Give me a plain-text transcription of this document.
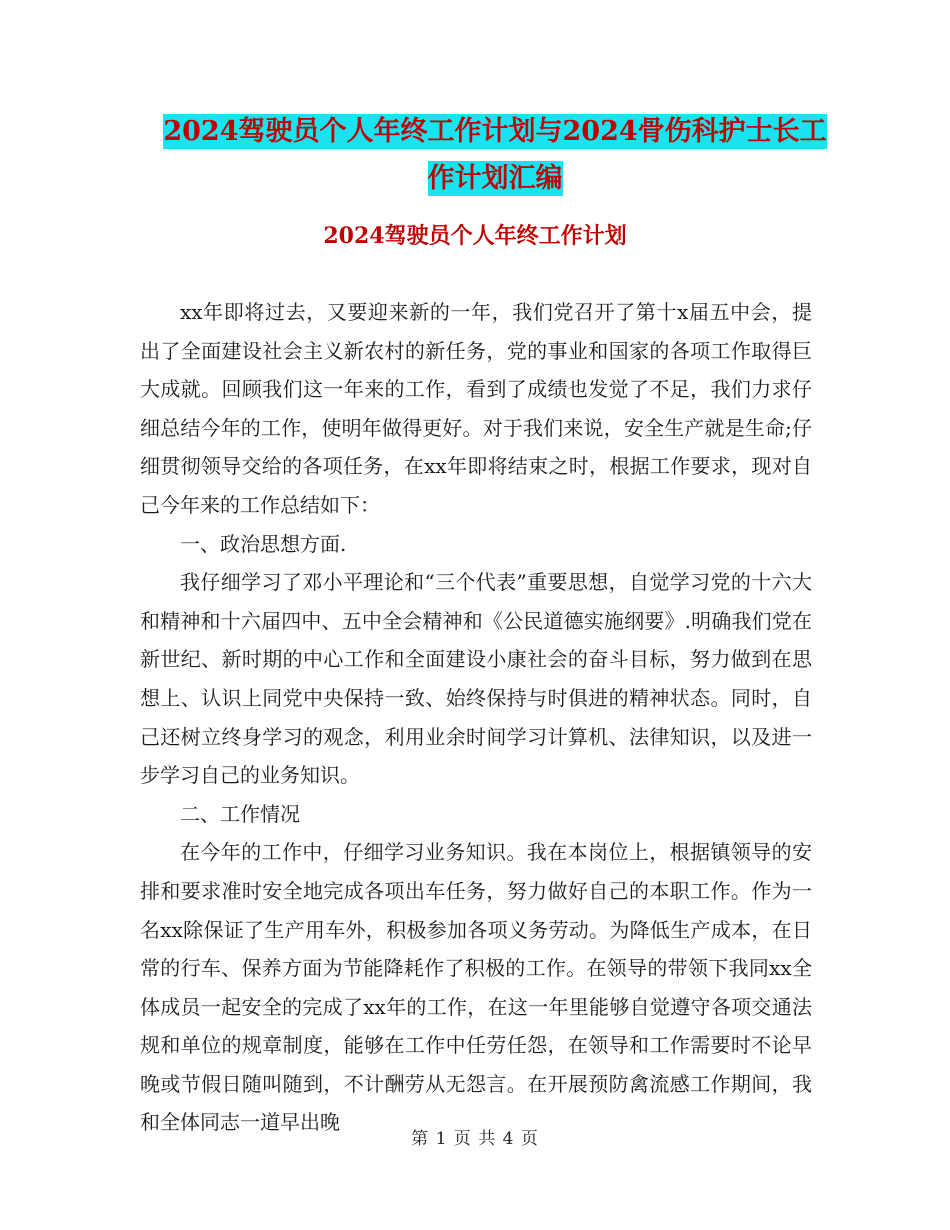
2024驾驶员个人年终工作计划与2024骨伤科护士长工
作计划汇编
2024驾驶员个人年终工作计划

xx年即将过去，又要迎来新的一年，我们党召开了第十x届五中会，提出了全面建设社会主义新农村的新任务，党的事业和国家的各项工作取得巨大成就。回顾我们这一年来的工作，看到了成绩也发觉了不足，我们力求仔细总结今年的工作，使明年做得更好。对于我们来说，安全生产就是生命;仔细贯彻领导交给的各项任务，在xx年即将结束之时，根据工作要求，现对自己今年来的工作总结如下：

一、政治思想方面.

我仔细学习了邓小平理论和“三个代表”重要思想，自觉学习党的十六大和精神和十六届四中、五中全会精神和《公民道德实施纲要》.明确我们党在新世纪、新时期的中心工作和全面建设小康社会的奋斗目标，努力做到在思想上、认识上同党中央保持一致、始终保持与时俱进的精神状态。同时，自己还树立终身学习的观念，利用业余时间学习计算机、法律知识，以及进一步学习自己的业务知识。

二、工作情况

在今年的工作中，仔细学习业务知识。我在本岗位上，根据镇领导的安排和要求准时安全地完成各项出车任务，努力做好自己的本职工作。作为一名xx除保证了生产用车外，积极参加各项义务劳动。为降低生产成本，在日常的行车、保养方面为节能降耗作了积极的工作。在领导的带领下我同xx全体成员一起安全的完成了xx年的工作，在这一年里能够自觉遵守各项交通法规和单位的规章制度，能够在工作中任劳任怨，在领导和工作需要时不论早晚或节假日随叫随到，不计酬劳从无怨言。在开展预防禽流感工作期间，我和全体同志一道早出晚

第 1 页 共 4 页
